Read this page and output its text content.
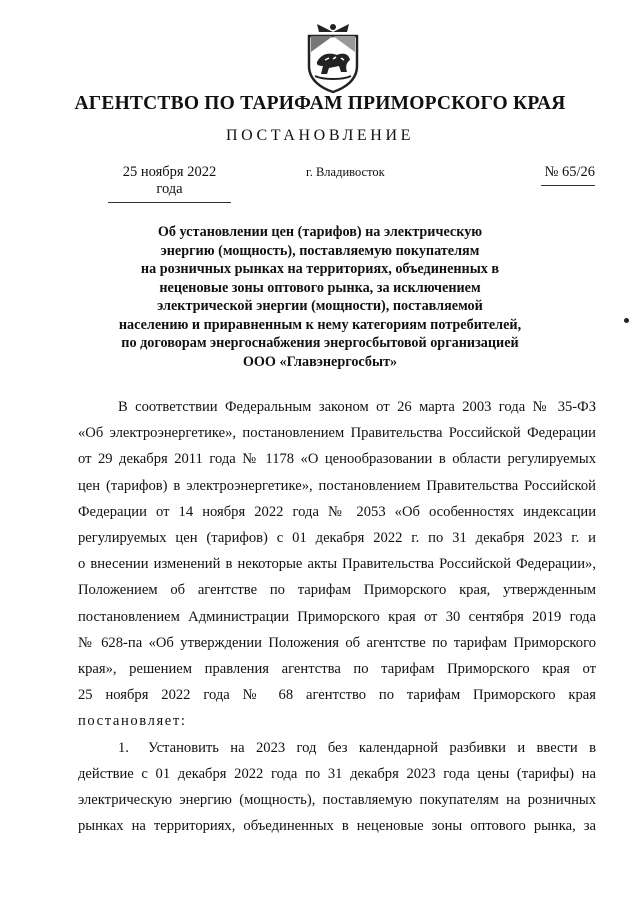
АГЕНТСТВО ПО ТАРИФАМ ПРИМОРСКОГО КРАЯ
ПОСТАНОВЛЕНИЕ
25 ноября 2022 года
г. Владивосток	№ 65/26
Об установлении цен (тарифов) на электрическую
энергию (мощность), поставляемую покупателям
на розничных рынках на территориях, объединенных в
неценовые зоны оптового рынка, за исключением
электрической энергии (мощности), поставляемой
населению и приравненным к нему категориям потребителей,
по договорам энергоснабжения энергосбытовой организацией
ООО «Главэнергосбыт»
В соответствии Федеральным законом от 26 марта 2003 года № 35-ФЗ
«Об электроэнергетике», постановлением Правительства Российской Федерации
от 29 декабря 2011 года № 1178 «О ценообразовании в области регулируемых
цен (тарифов) в электроэнергетике», постановлением Правительства Российской
Федерации от 14 ноября 2022 года № 2053 «Об особенностях индексации
регулируемых цен (тарифов) с 01 декабря 2022 г. по 31 декабря 2023 г. и
о внесении изменений в некоторые акты Правительства Российской Федерации»,
Положением об агентстве по тарифам Приморского края, утвержденным
постановлением Администрации Приморского края от 30 сентября 2019 года
№ 628-па «Об утверждении Положения об агентстве по тарифам Приморского
края», решением правления агентства по тарифам Приморского края от
25 ноября 2022 года № 68 агентство по тарифам Приморского края
постановляет:
1. Установить на 2023 год без календарной разбивки и ввести в
действие с 01 декабря 2022 года по 31 декабря 2023 года цены (тарифы) на
электрическую энергию (мощность), поставляемую покупателям на розничных
рынках на территориях, объединенных в неценовые зоны оптового рынка, за
